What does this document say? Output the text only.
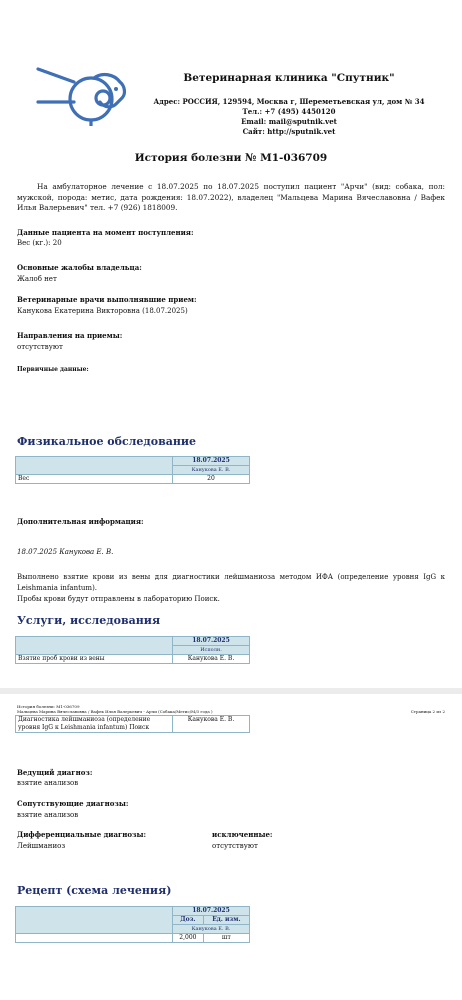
Ветеринарная клиника "Спутник"
Адрес: РОССИЯ, 129594, Москва г, Шереметьевская ул, дом № 34
Тел.: +7 (495) 4450120
Email: mail@sputnik.vet
Сайт: http://sputnik.vet
История болезни № М1-036709
На амбулаторное лечение с 18.07.2025 по 18.07.2025 поступил пациент "Арчи" (вид: собака, пол: мужской, порода: метис, дата рождения: 18.07.2022), владелец "Мальцева Марина Вячеславовна / Вафек Илья Валерьевич" тел. +7 (926) 1818009.
Данные пациента на момент поступления:
Вес (кг.): 20
Основные жалобы владельца:
Жалоб нет
Ветеринарные врачи выполнявшие прием:
Канукова Екатерина Викторовна (18.07.2025)
Направления на приемы:
отсутствуют
Первичные данные:
Физикальное обследование
	18.07.2025
	Канукова Е. В.
Вес	20
Дополнительная информация:
18.07.2025 Канукова Е. В.
Выполнено взятие крови из вены для диагностики лейшманиоза методом ИФА (определение уровня IgG к Leishmania infantum).
Пробы крови будут отправлены в лабораторию Поиск.
Услуги, исследования
	18.07.2025
	Исполн.
Взятие проб крови из вены	Канукова Е. В.
История болезни: М1-036709
Мальцева Марина Вячеславовна / Вафек Илья Валерьевич - Арчи (Собака/Метис/М/3 года )	Страница 2 из 2
Диагностика лейшманиоза (определение уровня IgG к Leishmania infantum) Поиск	Канукова Е. В.
Ведущий диагноз:
взятие анализов
Сопутствующие диагнозы:
взятие анализов
Дифференциальные диагнозы:
Лейшманиоз
исключенные:
отсутствуют
Рецепт (схема лечения)
	18.07.2025	
	Доз.	Ед. изм.
	Канукова Е. В.	
	2,000	шт
